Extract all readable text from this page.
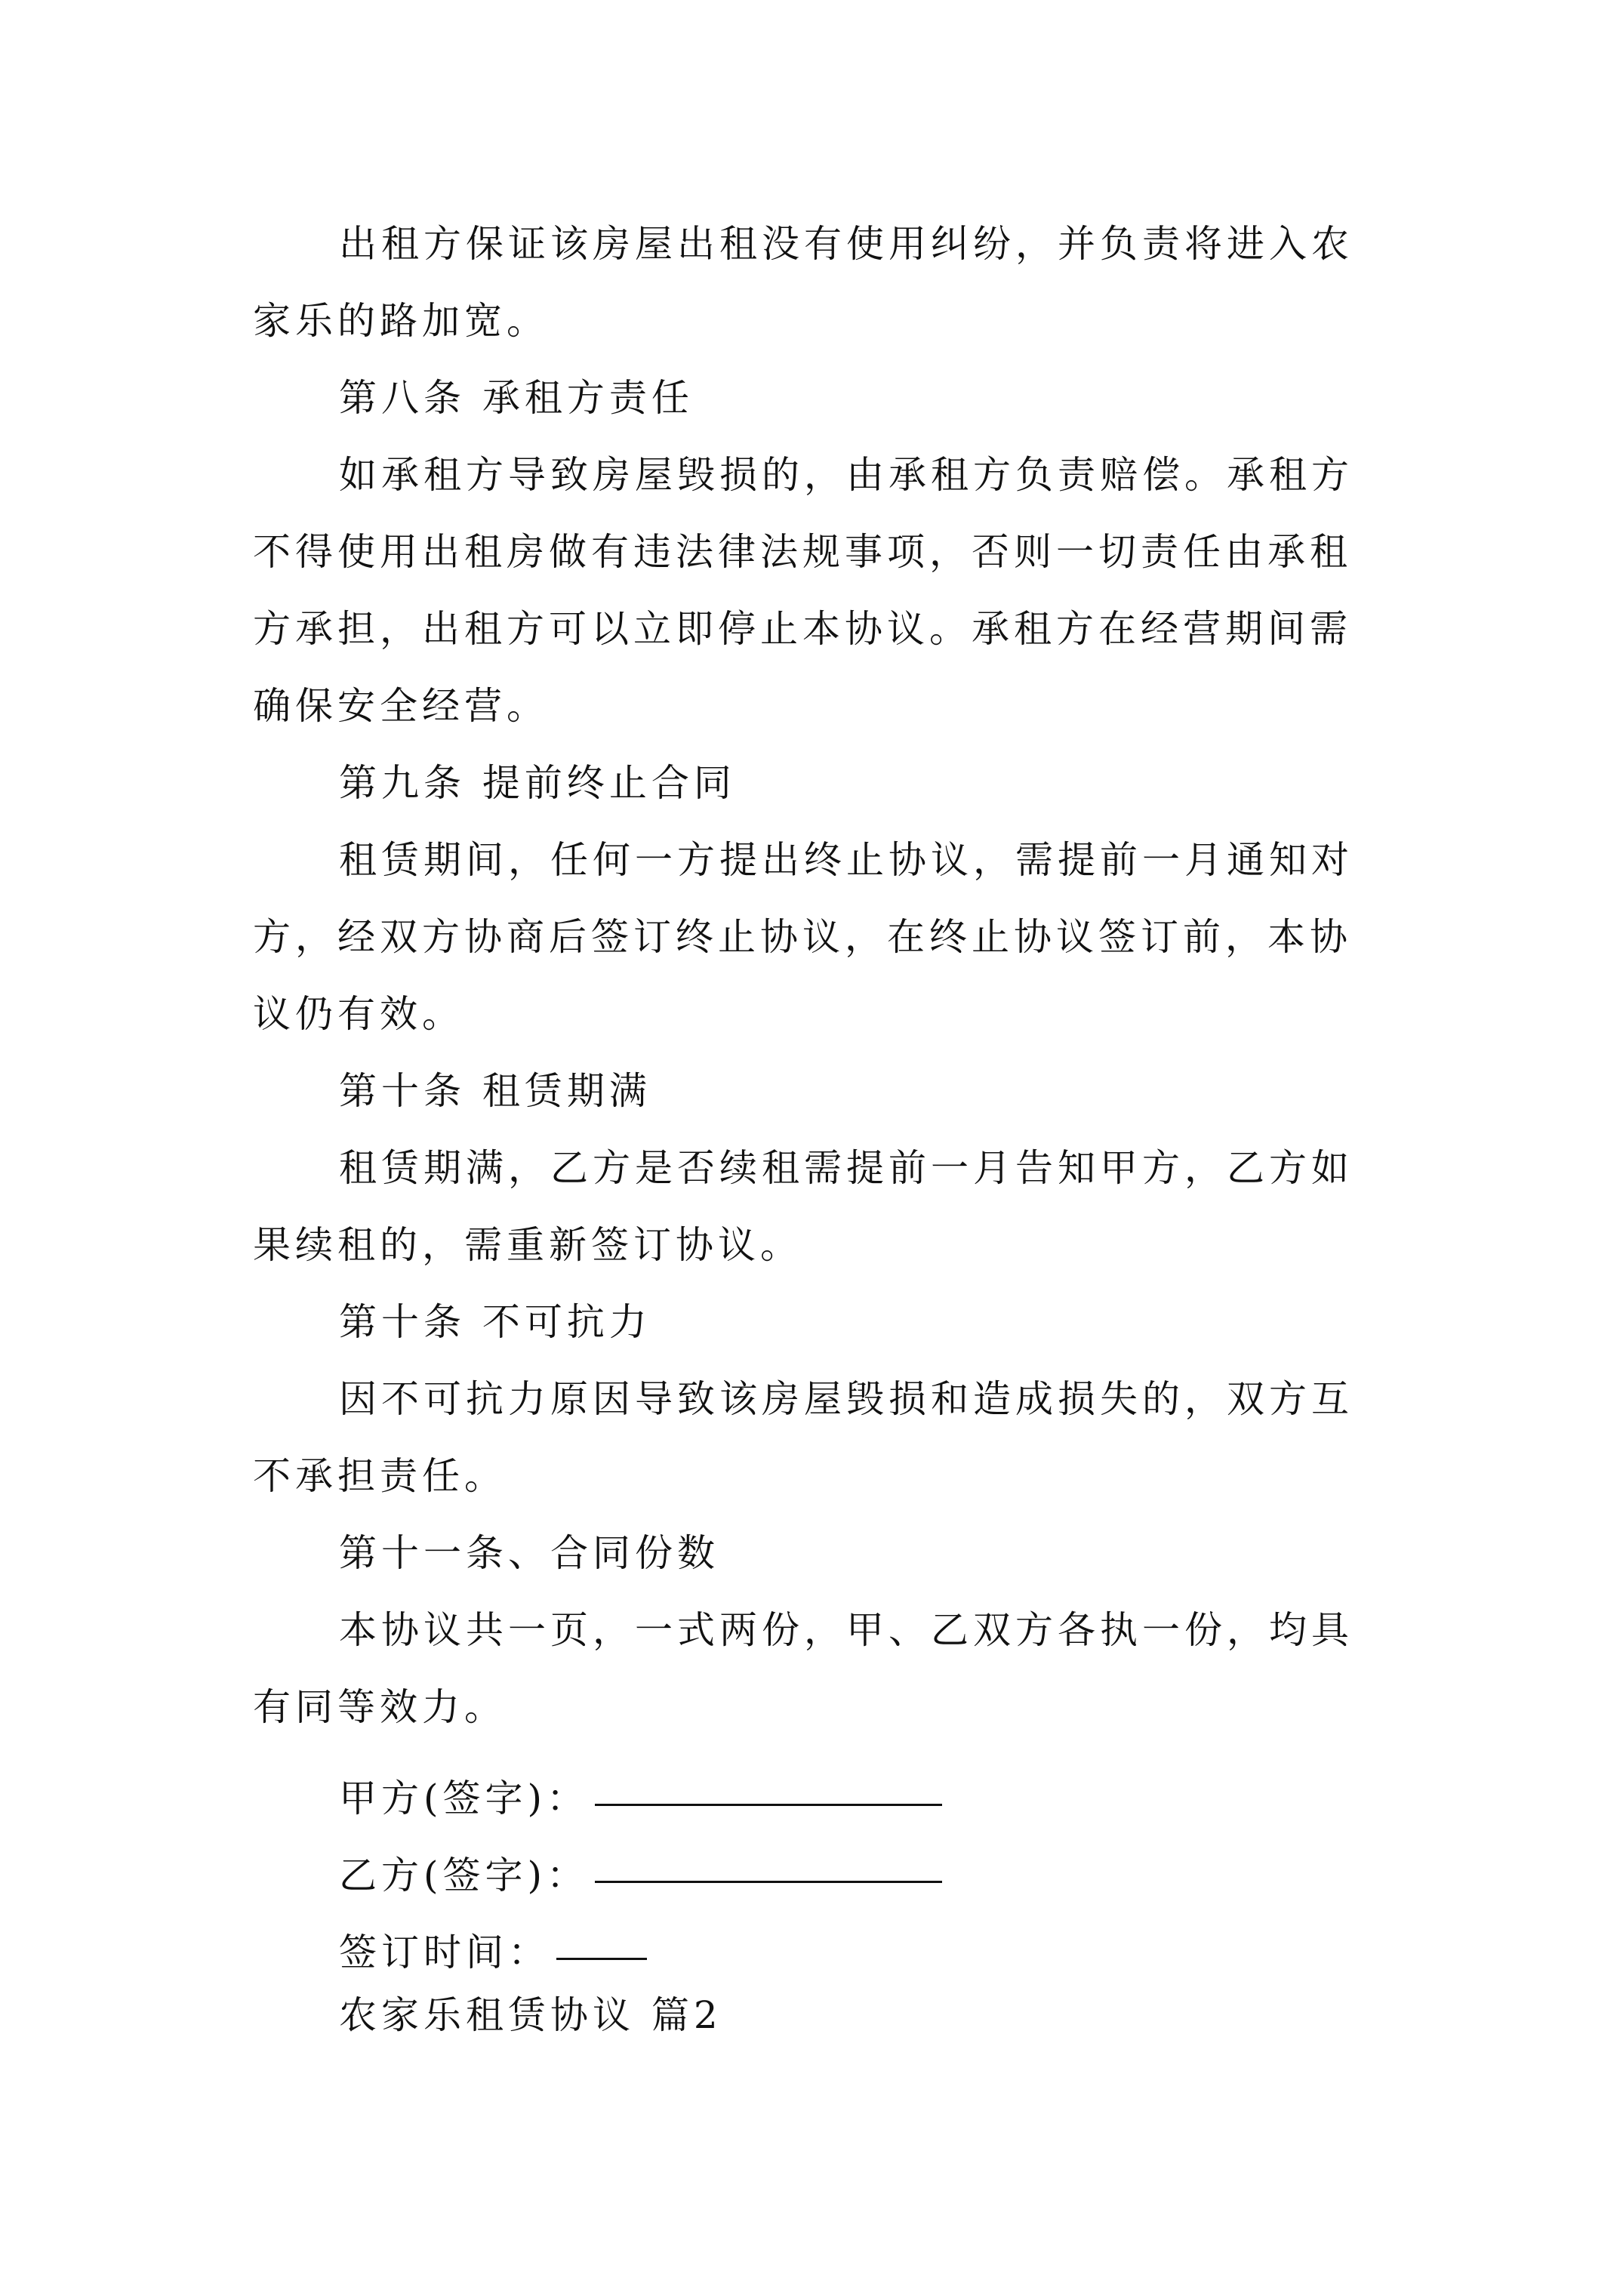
出租方保证该房屋出租没有使用纠纷，并负责将进入农家乐的路加宽。

第八条 承租方责任

如承租方导致房屋毁损的，由承租方负责赔偿。承租方不得使用出租房做有违法律法规事项，否则一切责任由承租方承担，出租方可以立即停止本协议。承租方在经营期间需确保安全经营。

第九条 提前终止合同

租赁期间，任何一方提出终止协议，需提前一月通知对方，经双方协商后签订终止协议，在终止协议签订前，本协议仍有效。

第十条 租赁期满

租赁期满，乙方是否续租需提前一月告知甲方，乙方如果续租的，需重新签订协议。

第十条 不可抗力

因不可抗力原因导致该房屋毁损和造成损失的，双方互不承担责任。

第十一条、合同份数

本协议共一页，一式两份，甲、乙双方各执一份，均具有同等效力。

甲方(签字)：
乙方(签字)：
签订时间：

农家乐租赁协议 篇2
